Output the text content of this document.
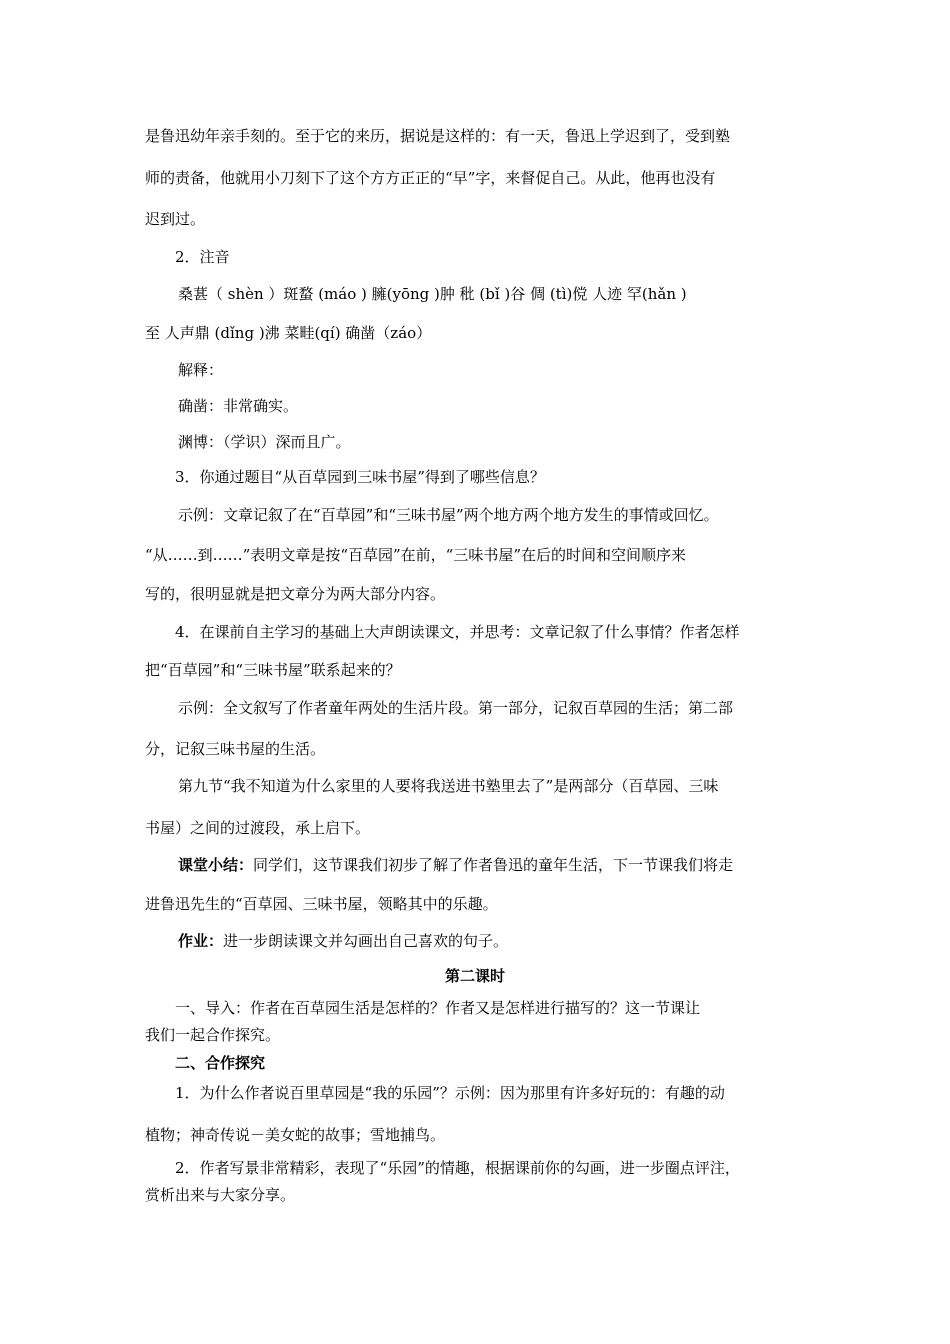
是鲁迅幼年亲手刻的。至于它的来历，据说是这样的：有一天，鲁迅上学迟到了，受到塾

师的责备，他就用小刀刻下了这个方方正正的“早”字，来督促自己。从此，他再也没有

迟到过。

2．注音

桑葚（ shèn ）斑蝥 (máo ) 臃(yōng )肿 秕 (bǐ )谷 倜 (tì)傥 人迹 罕(hǎn )

至 人声鼎 (dǐng )沸 菜畦(qí) 确凿（záo）

解释：

确凿：非常确实。

渊博：（学识）深而且广。

3．你通过题目“从百草园到三味书屋”得到了哪些信息？

示例：文章记叙了在“百草园”和“三味书屋”两个地方两个地方发生的事情或回忆。

“从……到……”表明文章是按“百草园”在前，“三味书屋”在后的时间和空间顺序来

写的，很明显就是把文章分为两大部分内容。

4．在课前自主学习的基础上大声朗读课文，并思考：文章记叙了什么事情？作者怎样

把“百草园”和“三味书屋”联系起来的？

示例：全文叙写了作者童年两处的生活片段。第一部分，记叙百草园的生活；第二部

分，记叙三味书屋的生活。

第九节“我不知道为什么家里的人要将我送进书塾里去了”是两部分（百草园、三味

书屋）之间的过渡段，承上启下。

课堂小结：同学们，这节课我们初步了解了作者鲁迅的童年生活，下一节课我们将走

进鲁迅先生的“百草园、三味书屋，领略其中的乐趣。

作业：进一步朗读课文并勾画出自己喜欢的句子。

第二课时

一、导入：作者在百草园生活是怎样的？作者又是怎样进行描写的？这一节课让

我们一起合作探究。

二、合作探究

1．为什么作者说百里草园是“我的乐园”？示例：因为那里有许多好玩的：有趣的动

植物；神奇传说－美女蛇的故事；雪地捕鸟。

2．作者写景非常精彩，表现了“乐园”的情趣，根据课前你的勾画，进一步圈点评注，

赏析出来与大家分享。
